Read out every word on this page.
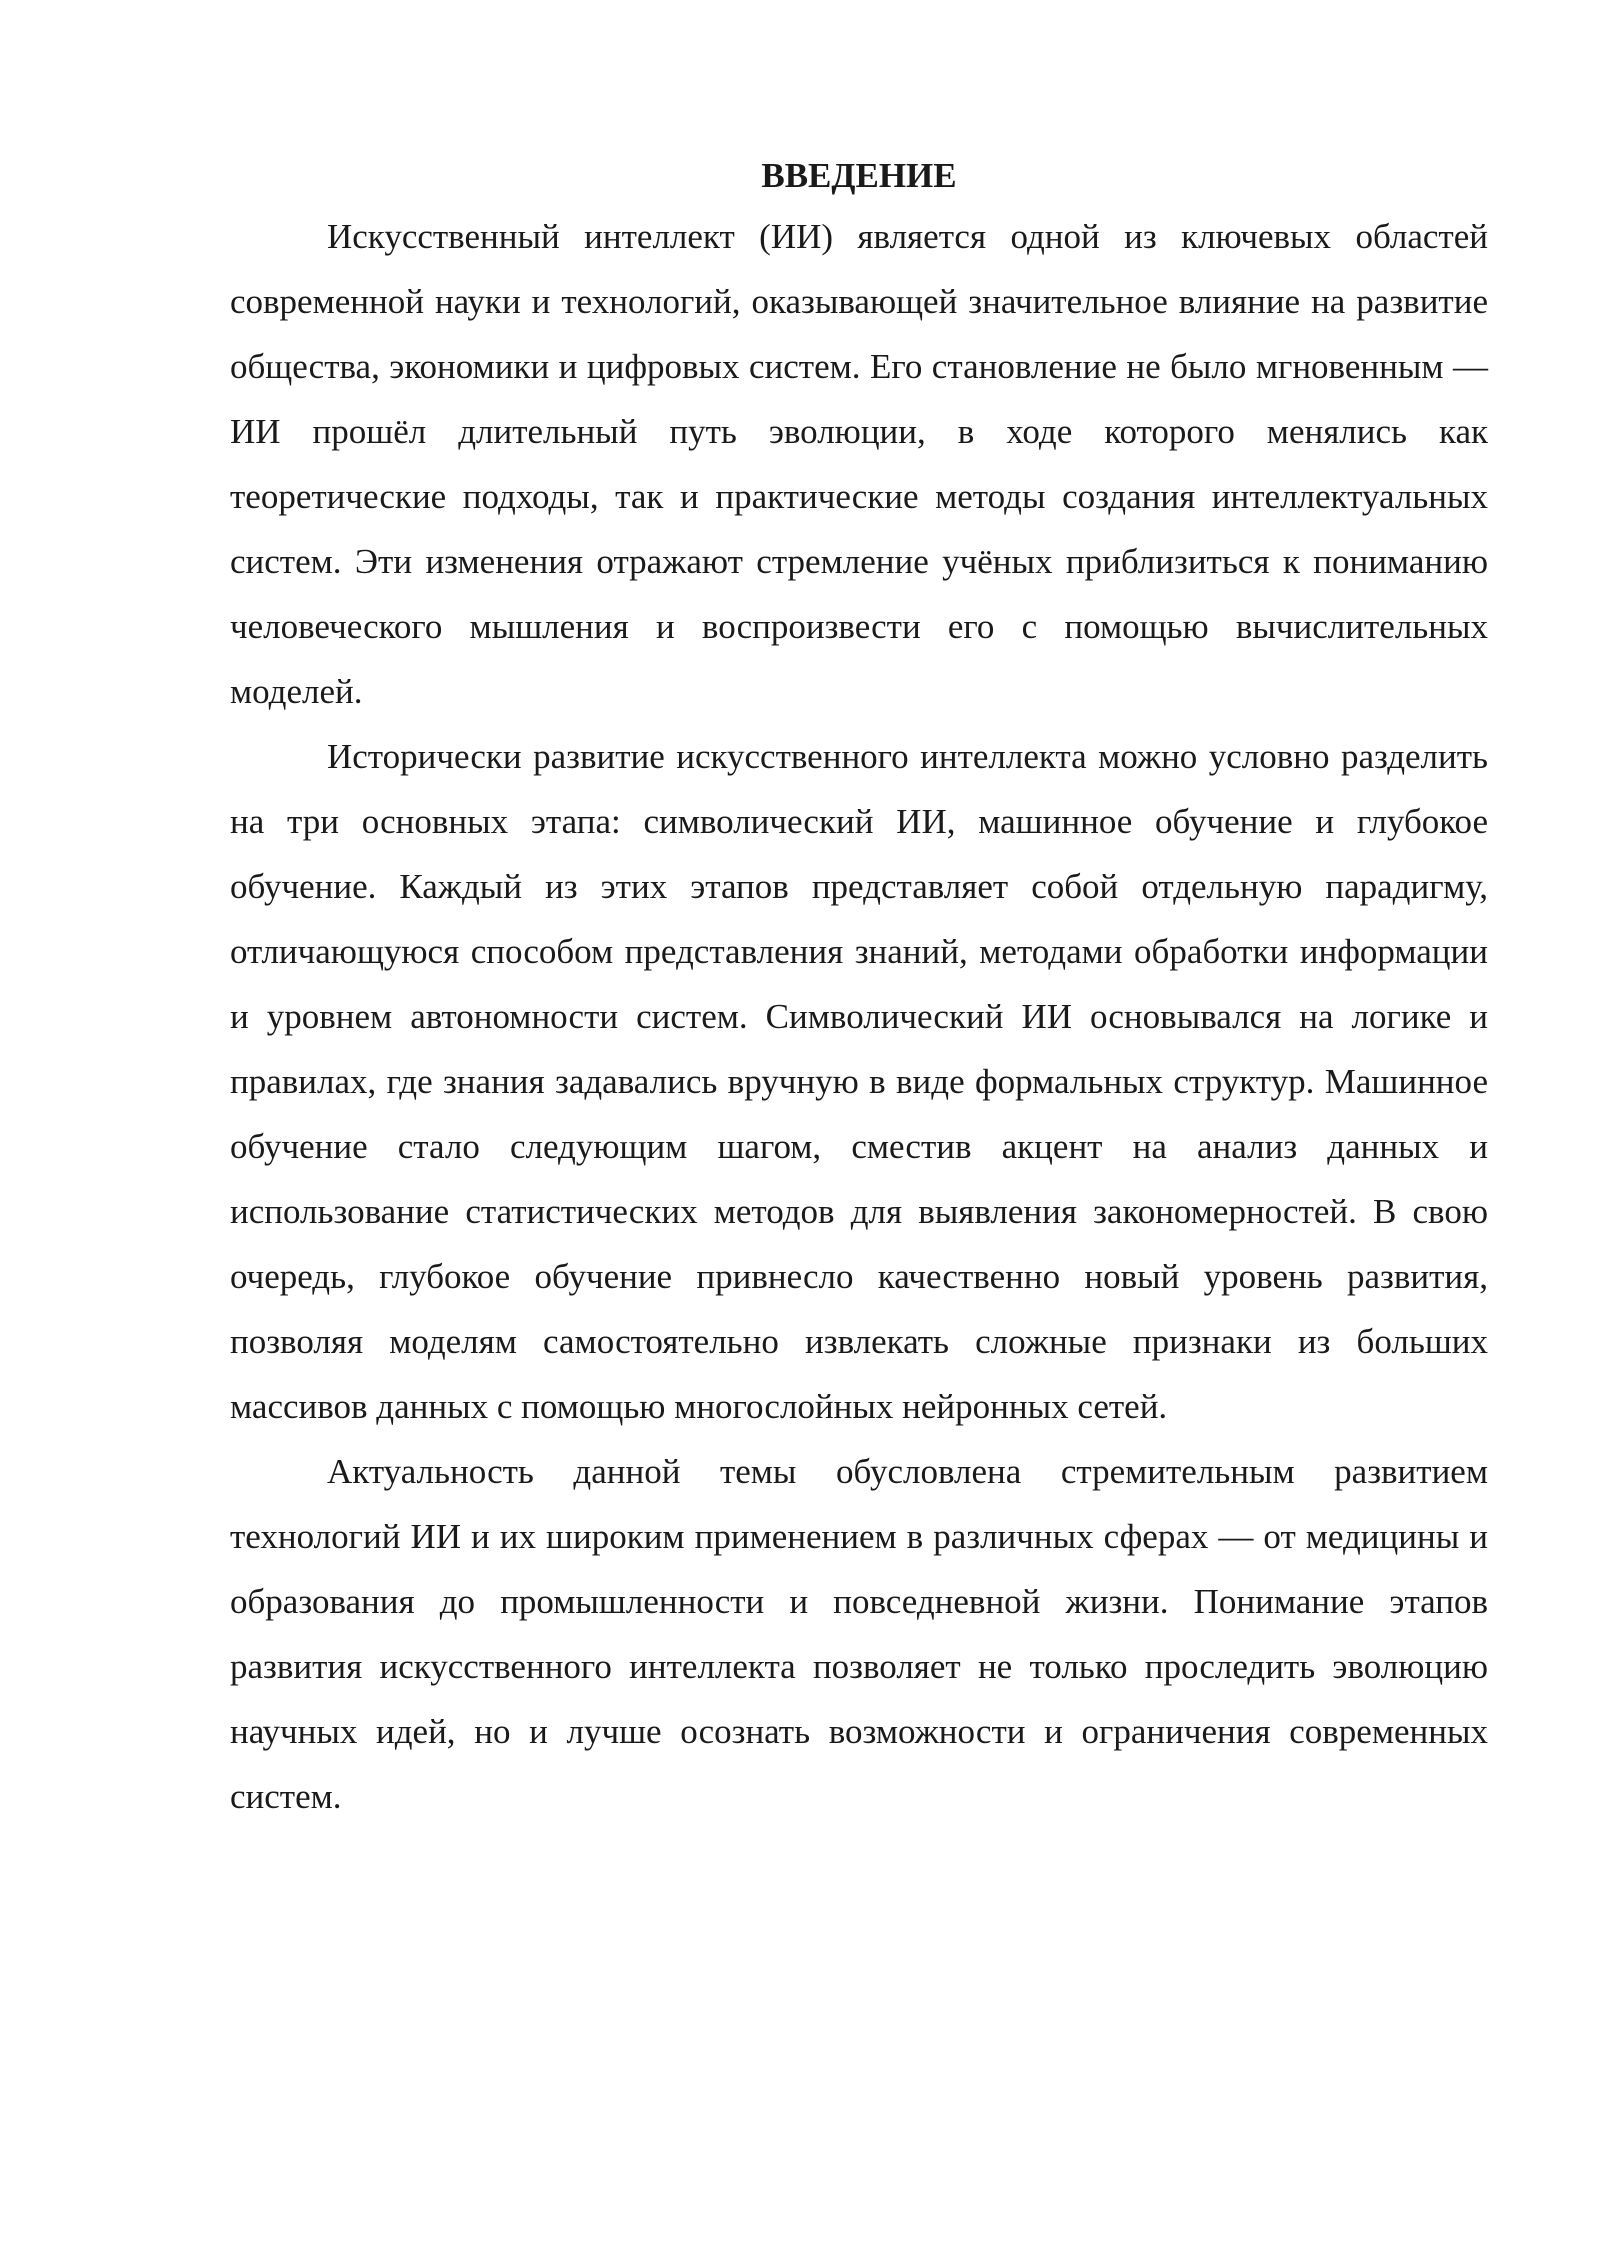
ВВЕДЕНИЕ

Искусственный интеллект (ИИ) является одной из ключевых областей современной науки и технологий, оказывающей значительное влияние на развитие общества, экономики и цифровых систем. Его становление не было мгновенным — ИИ прошёл длительный путь эволюции, в ходе которого менялись как теоретические подходы, так и практические методы создания интеллектуальных систем. Эти изменения отражают стремление учёных приблизиться к пониманию человеческого мышления и воспроизвести его с помощью вычислительных моделей.

Исторически развитие искусственного интеллекта можно условно разделить на три основных этапа: символический ИИ, машинное обучение и глубокое обучение. Каждый из этих этапов представляет собой отдельную парадигму, отличающуюся способом представления знаний, методами обработки информации и уровнем автономности систем. Символический ИИ основывался на логике и правилах, где знания задавались вручную в виде формальных структур. Машинное обучение стало следующим шагом, сместив акцент на анализ данных и использование статистических методов для выявления закономерностей. В свою очередь, глубокое обучение привнесло качественно новый уровень развития, позволяя моделям самостоятельно извлекать сложные признаки из больших массивов данных с помощью многослойных нейронных сетей.

Актуальность данной темы обусловлена стремительным развитием технологий ИИ и их широким применением в различных сферах — от медицины и образования до промышленности и повседневной жизни. Понимание этапов развития искусственного интеллекта позволяет не только проследить эволюцию научных идей, но и лучше осознать возможности и ограничения современных систем.
